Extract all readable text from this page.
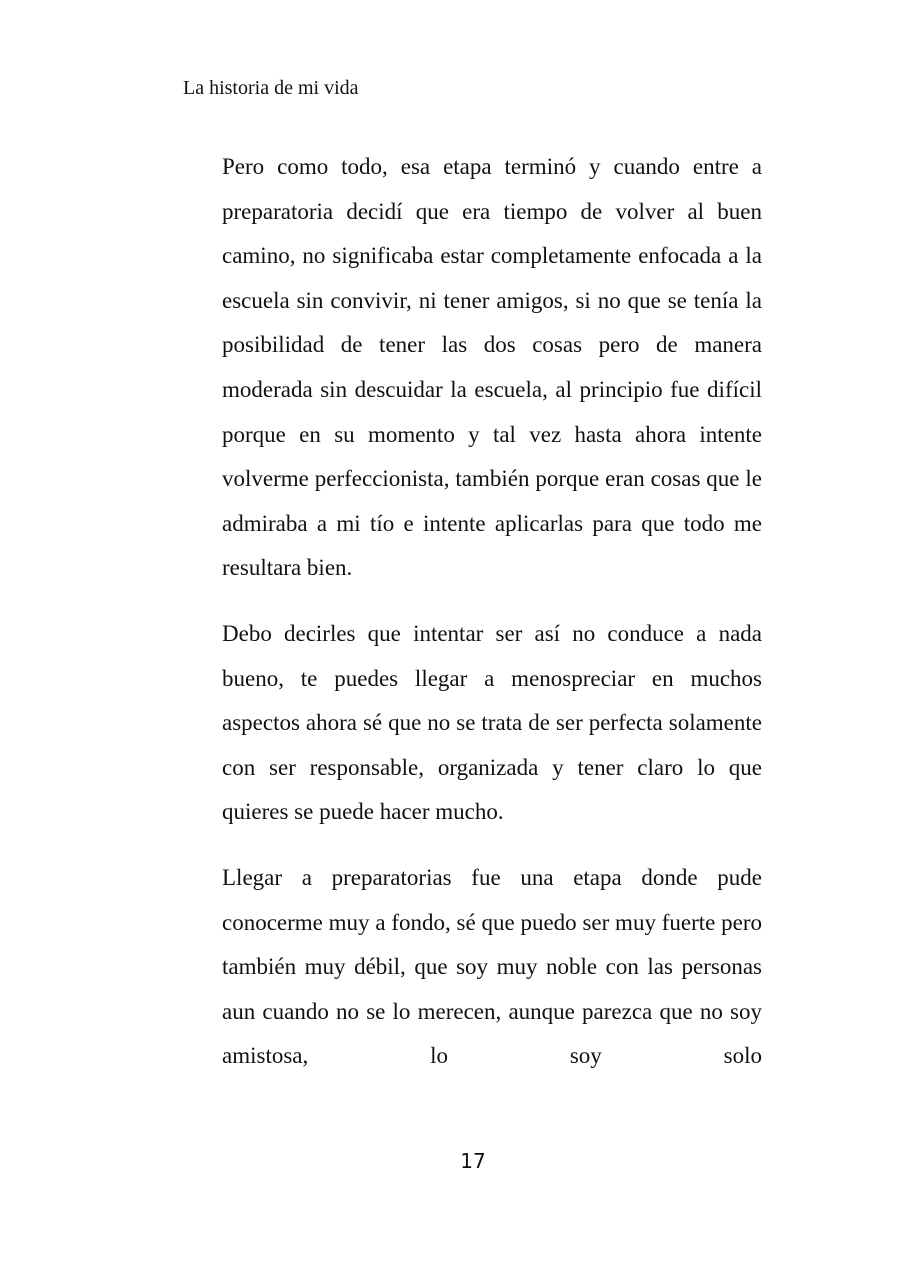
La historia de mi vida

Pero como todo, esa etapa terminó y cuando entre a preparatoria decidí que era tiempo de volver al buen camino, no significaba estar completamente enfocada a la escuela sin convivir, ni tener amigos, si no que se tenía la posibilidad de tener las dos cosas pero de manera moderada sin descuidar la escuela, al principio fue difícil porque en su momento y tal vez hasta ahora intente volverme perfeccionista, también porque eran cosas que le admiraba a mi tío e intente aplicarlas para que todo me resultara bien.

Debo decirles que intentar ser así no conduce a nada bueno, te puedes llegar a menospreciar en muchos aspectos ahora sé que no se trata de ser perfecta solamente con ser responsable, organizada y tener claro lo que quieres se puede hacer mucho.

Llegar a preparatorias fue una etapa donde pude conocerme muy a fondo, sé que puedo ser muy fuerte pero también muy débil, que soy muy noble con las personas aun cuando no se lo merecen, aunque parezca que no soy amistosa, lo soy solo

17
